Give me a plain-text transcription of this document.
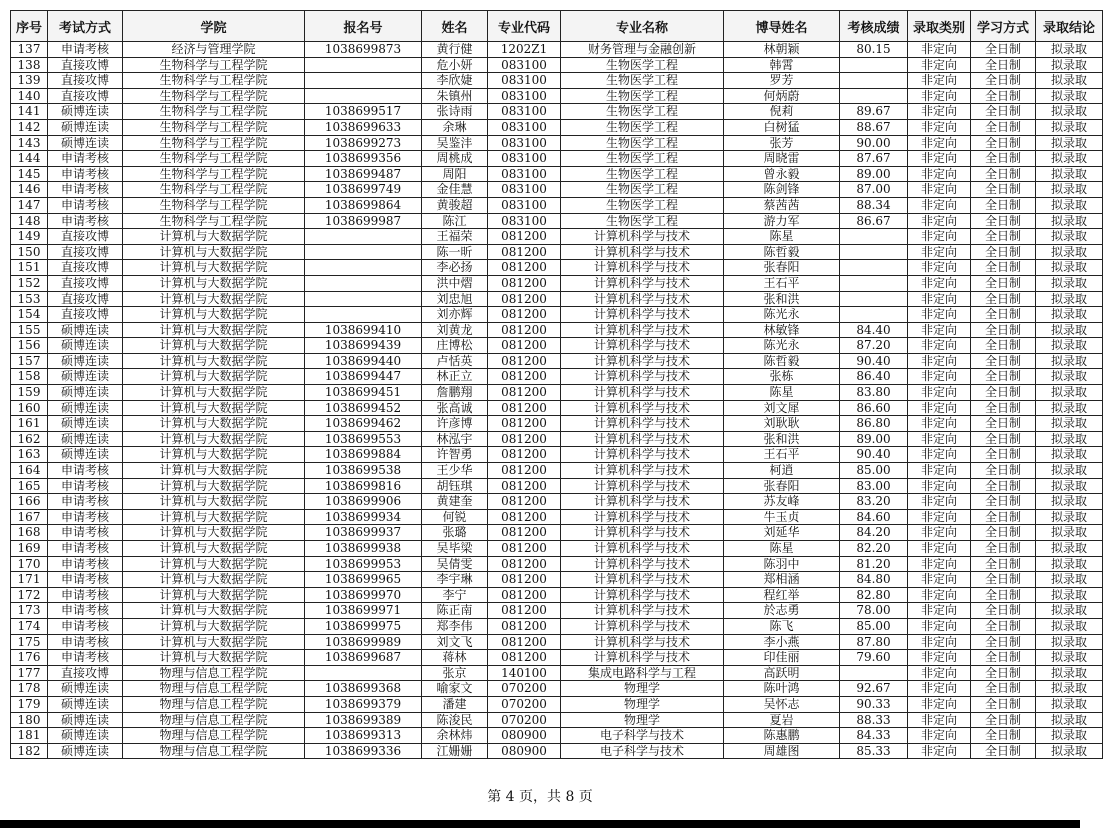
序号	考试方式	学院	报名号	姓名	专业代码	专业名称	博导姓名	考核成绩	录取类别	学习方式	录取结论
137	申请考核	经济与管理学院	1038699873	黄行健	1202Z1	财务管理与金融创新	林朝颖	80.15	非定向	全日制	拟录取
138	直接攻博	生物科学与工程学院		危小妍	083100	生物医学工程	韩霄		非定向	全日制	拟录取
139	直接攻博	生物科学与工程学院		李欣婕	083100	生物医学工程	罗芳		非定向	全日制	拟录取
140	直接攻博	生物科学与工程学院		朱镇州	083100	生物医学工程	何炳蔚		非定向	全日制	拟录取
141	硕博连读	生物科学与工程学院	1038699517	张诗雨	083100	生物医学工程	倪莉	89.67	非定向	全日制	拟录取
142	硕博连读	生物科学与工程学院	1038699633	余琳	083100	生物医学工程	白树猛	88.67	非定向	全日制	拟录取
143	硕博连读	生物科学与工程学院	1038699273	吴鉴沣	083100	生物医学工程	张芳	90.00	非定向	全日制	拟录取
144	申请考核	生物科学与工程学院	1038699356	周桃成	083100	生物医学工程	周晓雷	87.67	非定向	全日制	拟录取
145	申请考核	生物科学与工程学院	1038699487	周阳	083100	生物医学工程	曾永毅	89.00	非定向	全日制	拟录取
146	申请考核	生物科学与工程学院	1038699749	金佳慧	083100	生物医学工程	陈剑锋	87.00	非定向	全日制	拟录取
147	申请考核	生物科学与工程学院	1038699864	黄骏超	083100	生物医学工程	蔡茜茜	88.34	非定向	全日制	拟录取
148	申请考核	生物科学与工程学院	1038699987	陈江	083100	生物医学工程	游力军	86.67	非定向	全日制	拟录取
149	直接攻博	计算机与大数据学院		王福荣	081200	计算机科学与技术	陈星		非定向	全日制	拟录取
150	直接攻博	计算机与大数据学院		陈一昕	081200	计算机科学与技术	陈哲毅		非定向	全日制	拟录取
151	直接攻博	计算机与大数据学院		李必扬	081200	计算机科学与技术	张春阳		非定向	全日制	拟录取
152	直接攻博	计算机与大数据学院		洪中熠	081200	计算机科学与技术	王石平		非定向	全日制	拟录取
153	直接攻博	计算机与大数据学院		刘忠旭	081200	计算机科学与技术	张和洪		非定向	全日制	拟录取
154	直接攻博	计算机与大数据学院		刘亦辉	081200	计算机科学与技术	陈光永		非定向	全日制	拟录取
155	硕博连读	计算机与大数据学院	1038699410	刘黄龙	081200	计算机科学与技术	林敏锋	84.40	非定向	全日制	拟录取
156	硕博连读	计算机与大数据学院	1038699439	庄博松	081200	计算机科学与技术	陈光永	87.20	非定向	全日制	拟录取
157	硕博连读	计算机与大数据学院	1038699440	卢恬英	081200	计算机科学与技术	陈哲毅	90.40	非定向	全日制	拟录取
158	硕博连读	计算机与大数据学院	1038699447	林正立	081200	计算机科学与技术	张栋	86.40	非定向	全日制	拟录取
159	硕博连读	计算机与大数据学院	1038699451	詹鹏翔	081200	计算机科学与技术	陈星	83.80	非定向	全日制	拟录取
160	硕博连读	计算机与大数据学院	1038699452	张高诚	081200	计算机科学与技术	刘文犀	86.60	非定向	全日制	拟录取
161	硕博连读	计算机与大数据学院	1038699462	许彦博	081200	计算机科学与技术	刘耿耿	86.80	非定向	全日制	拟录取
162	硕博连读	计算机与大数据学院	1038699553	林泓宇	081200	计算机科学与技术	张和洪	89.00	非定向	全日制	拟录取
163	硕博连读	计算机与大数据学院	1038699884	许智勇	081200	计算机科学与技术	王石平	90.40	非定向	全日制	拟录取
164	申请考核	计算机与大数据学院	1038699538	王少华	081200	计算机科学与技术	柯逍	85.00	非定向	全日制	拟录取
165	申请考核	计算机与大数据学院	1038699816	胡钰琪	081200	计算机科学与技术	张春阳	83.00	非定向	全日制	拟录取
166	申请考核	计算机与大数据学院	1038699906	黄建奎	081200	计算机科学与技术	苏友峰	83.20	非定向	全日制	拟录取
167	申请考核	计算机与大数据学院	1038699934	何锐	081200	计算机科学与技术	牛玉贞	84.60	非定向	全日制	拟录取
168	申请考核	计算机与大数据学院	1038699937	张璐	081200	计算机科学与技术	刘延华	84.20	非定向	全日制	拟录取
169	申请考核	计算机与大数据学院	1038699938	吴毕梁	081200	计算机科学与技术	陈星	82.20	非定向	全日制	拟录取
170	申请考核	计算机与大数据学院	1038699953	吴倩雯	081200	计算机科学与技术	陈羽中	81.20	非定向	全日制	拟录取
171	申请考核	计算机与大数据学院	1038699965	李宇琳	081200	计算机科学与技术	郑相涵	84.80	非定向	全日制	拟录取
172	申请考核	计算机与大数据学院	1038699970	李宁	081200	计算机科学与技术	程红举	82.80	非定向	全日制	拟录取
173	申请考核	计算机与大数据学院	1038699971	陈正南	081200	计算机科学与技术	於志勇	78.00	非定向	全日制	拟录取
174	申请考核	计算机与大数据学院	1038699975	郑李伟	081200	计算机科学与技术	陈飞	85.00	非定向	全日制	拟录取
175	申请考核	计算机与大数据学院	1038699989	刘文飞	081200	计算机科学与技术	李小燕	87.80	非定向	全日制	拟录取
176	申请考核	计算机与大数据学院	1038699687	蒋林	081200	计算机科学与技术	印佳丽	79.60	非定向	全日制	拟录取
177	直接攻博	物理与信息工程学院		张京	140100	集成电路科学与工程	高跃明		非定向	全日制	拟录取
178	硕博连读	物理与信息工程学院	1038699368	喻家文	070200	物理学	陈叶鸿	92.67	非定向	全日制	拟录取
179	硕博连读	物理与信息工程学院	1038699379	潘建	070200	物理学	吴怀志	90.33	非定向	全日制	拟录取
180	硕博连读	物理与信息工程学院	1038699389	陈浚民	070200	物理学	夏岩	88.33	非定向	全日制	拟录取
181	硕博连读	物理与信息工程学院	1038699313	余林炜	080900	电子科学与技术	陈惠鹏	84.33	非定向	全日制	拟录取
182	硕博连读	物理与信息工程学院	1038699336	江姗姗	080900	电子科学与技术	周雄图	85.33	非定向	全日制	拟录取
第 4 页，共 8 页
